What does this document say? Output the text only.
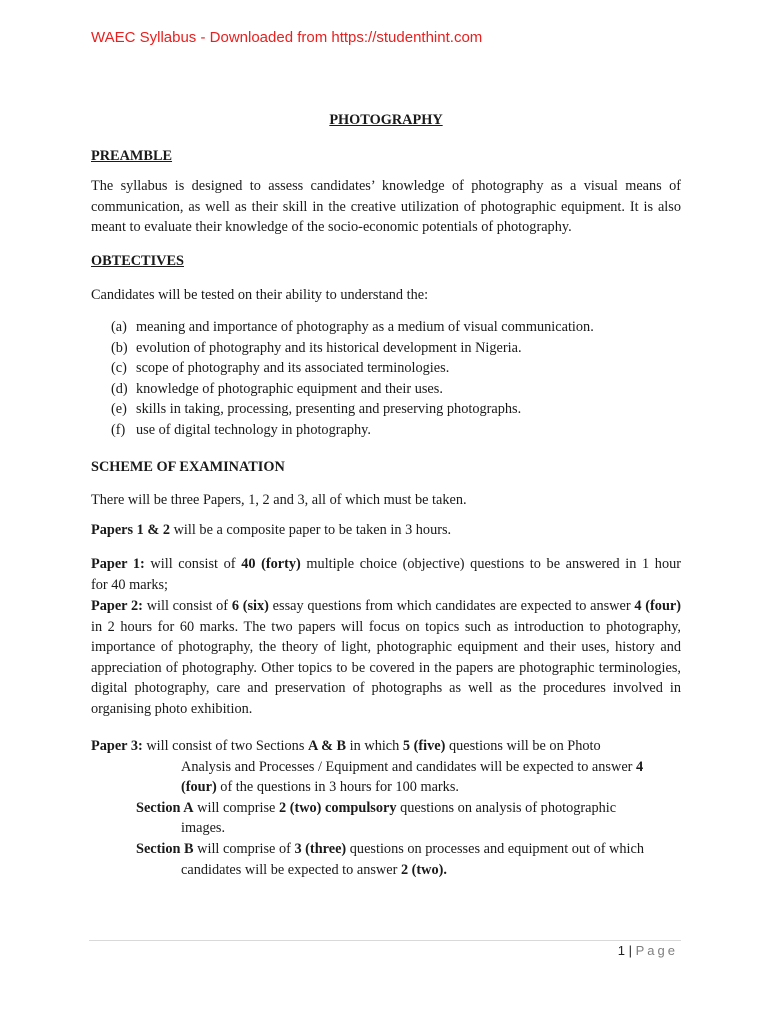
WAEC Syllabus - Downloaded from https://studenthint.com
PHOTOGRAPHY
PREAMBLE
The syllabus is designed to assess candidates’ knowledge of photography as a visual means of communication, as well as their skill in the creative utilization of photographic equipment. It is also meant to evaluate their knowledge of the socio-economic potentials of photography.
OBTECTIVES
Candidates will be tested on their ability to understand the:
(a) meaning and importance of photography as a medium of visual communication.
(b) evolution of photography and its historical development in Nigeria.
(c) scope of photography and its associated terminologies.
(d) knowledge of photographic equipment and their uses.
(e) skills in taking, processing, presenting and preserving photographs.
(f) use of digital technology in photography.
SCHEME OF EXAMINATION
There will be three Papers, 1, 2 and 3, all of which must be taken.
Papers 1 & 2 will be a composite paper to be taken in 3 hours.
Paper 1: will consist of 40 (forty) multiple choice (objective) questions to be answered in 1 hour
for 40 marks;
Paper 2: will consist of 6 (six) essay questions from which candidates are expected to answer 4 (four) in 2 hours for 60 marks. The two papers will focus on topics such as introduction to photography, importance of photography, the theory of light, photographic equipment and their uses, history and appreciation of photography. Other topics to be covered in the papers are photographic terminologies, digital photography, care and preservation of photographs as well as the procedures involved in organising photo exhibition.
Paper 3: will consist of two Sections A & B in which 5 (five) questions will be on Photo
Analysis and Processes / Equipment and candidates will be expected to answer 4
(four) of the questions in 3 hours for 100 marks.
Section A will comprise 2 (two) compulsory questions on analysis of photographic
images.
Section B will comprise of 3 (three) questions on processes and equipment out of which
candidates will be expected to answer 2 (two).
1 | Page
